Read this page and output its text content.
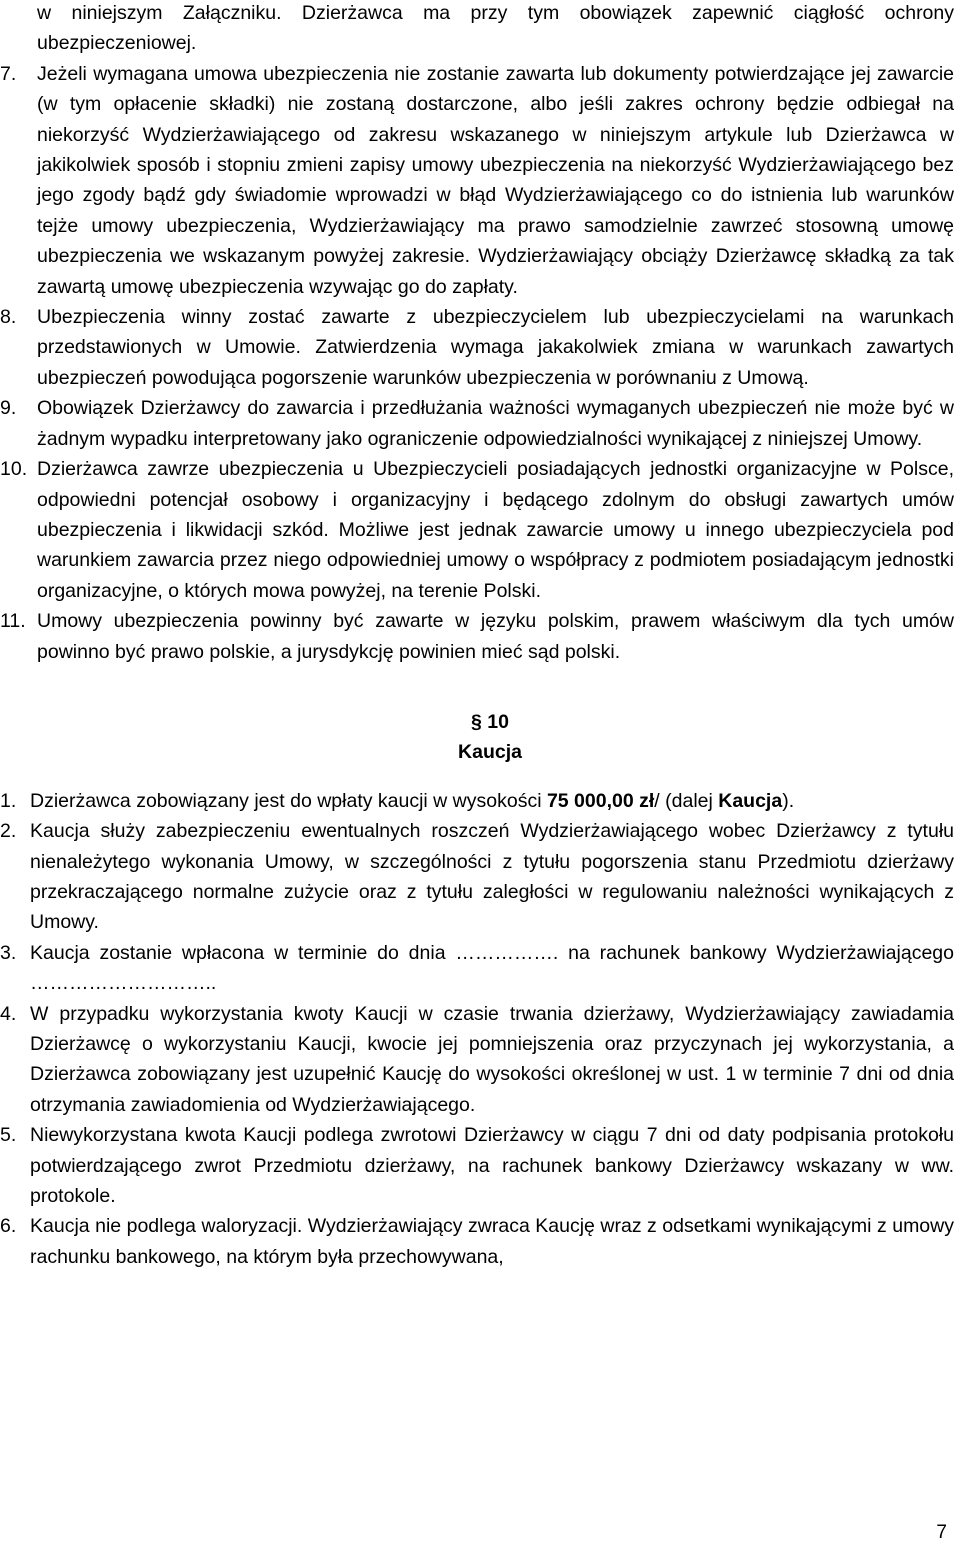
w niniejszym Załączniku. Dzierżawca ma przy tym obowiązek zapewnić ciągłość ochrony ubezpieczeniowej.
7. Jeżeli wymagana umowa ubezpieczenia nie zostanie zawarta lub dokumenty potwierdzające jej zawarcie (w tym opłacenie składki) nie zostaną dostarczone, albo jeśli zakres ochrony będzie odbiegał na niekorzyść Wydzierżawiającego od zakresu wskazanego w niniejszym artykule lub Dzierżawca w jakikolwiek sposób i stopniu zmieni zapisy umowy ubezpieczenia na niekorzyść Wydzierżawiającego bez jego zgody bądź gdy świadomie wprowadzi w błąd Wydzierżawiającego co do istnienia lub warunków tejże umowy ubezpieczenia, Wydzierżawiający ma prawo samodzielnie zawrzeć stosowną umowę ubezpieczenia we wskazanym powyżej zakresie. Wydzierżawiający obciąży Dzierżawcę składką za tak zawartą umowę ubezpieczenia wzywając go do zapłaty.
8. Ubezpieczenia winny zostać zawarte z ubezpieczycielem lub ubezpieczycielami na warunkach przedstawionych w Umowie. Zatwierdzenia wymaga jakakolwiek zmiana w warunkach zawartych ubezpieczeń powodująca pogorszenie warunków ubezpieczenia w porównaniu z Umową.
9. Obowiązek Dzierżawcy do zawarcia i przedłużania ważności wymaganych ubezpieczeń nie może być w żadnym wypadku interpretowany jako ograniczenie odpowiedzialności wynikającej z niniejszej Umowy.
10. Dzierżawca zawrze ubezpieczenia u Ubezpieczycieli posiadających jednostki organizacyjne w Polsce, odpowiedni potencjał osobowy i organizacyjny i będącego zdolnym do obsługi zawartych umów ubezpieczenia i likwidacji szkód. Możliwe jest jednak zawarcie umowy u innego ubezpieczyciela pod warunkiem zawarcia przez niego odpowiedniej umowy o współpracy z podmiotem posiadającym jednostki organizacyjne, o których mowa powyżej, na terenie Polski.
11. Umowy ubezpieczenia powinny być zawarte w języku polskim, prawem właściwym dla tych umów powinno być prawo polskie, a jurysdykcję powinien mieć sąd polski.
§ 10
Kaucja
1. Dzierżawca zobowiązany jest do wpłaty kaucji w wysokości 75 000,00 zł/ (dalej Kaucja).
2. Kaucja służy zabezpieczeniu ewentualnych roszczeń Wydzierżawiającego wobec Dzierżawcy z tytułu nienależytego wykonania Umowy, w szczególności z tytułu pogorszenia stanu Przedmiotu dzierżawy przekraczającego normalne zużycie oraz z tytułu zaległości w regulowaniu należności wynikających z Umowy.
3. Kaucja zostanie wpłacona w terminie do dnia ……………. na rachunek bankowy Wydzierżawiającego ………………………..
4. W przypadku wykorzystania kwoty Kaucji w czasie trwania dzierżawy, Wydzierżawiający zawiadamia Dzierżawcę o wykorzystaniu Kaucji, kwocie jej pomniejszenia oraz przyczynach jej wykorzystania, a Dzierżawca zobowiązany jest uzupełnić Kaucję do wysokości określonej w ust. 1 w terminie 7 dni od dnia otrzymania zawiadomienia od Wydzierżawiającego.
5. Niewykorzystana kwota Kaucji podlega zwrotowi Dzierżawcy w ciągu 7 dni od daty podpisania protokołu potwierdzającego zwrot Przedmiotu dzierżawy, na rachunek bankowy Dzierżawcy wskazany w ww. protokole.
6. Kaucja nie podlega waloryzacji. Wydzierżawiający zwraca Kaucję wraz z odsetkami wynikającymi z umowy rachunku bankowego, na którym była przechowywana,
7
